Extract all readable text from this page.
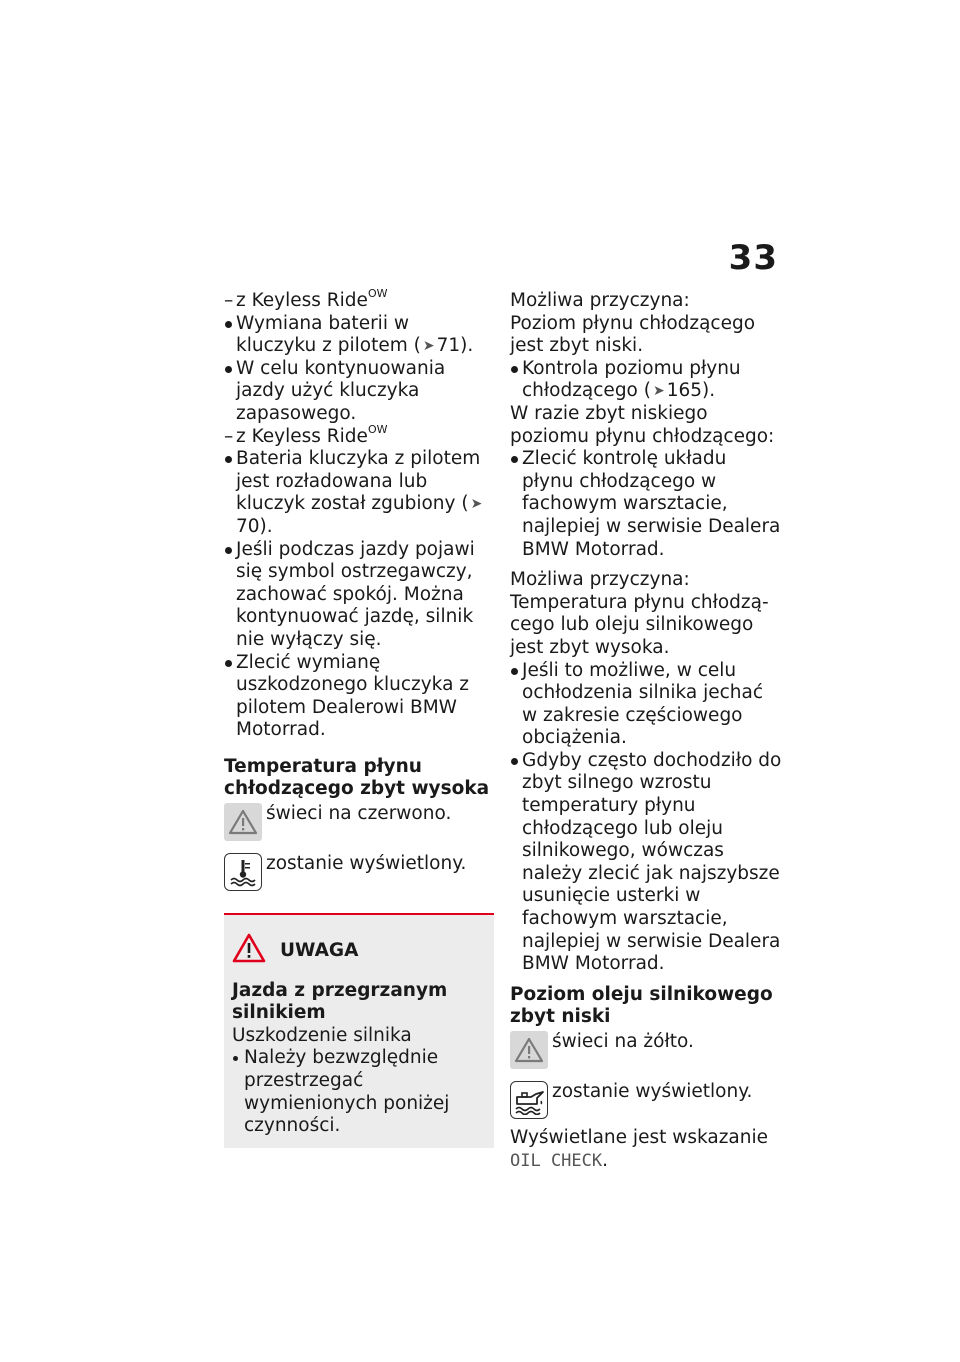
33

– z Keyless Ride$^{OW}$

Wymiana baterii w kluczyku z pilotem ( ➤ 71).

W celu kontynuowania jazdy użyć kluczyka zapasowego.

– z Keyless Ride$^{OW}$

Bateria kluczyka z pilotem jest rozładowana lub kluczyk został zgubiony ( ➤70).

Jeśli podczas jazdy pojawi się symbol ostrzegawczy, zachować spokój. Można kontynuować jazdę, silnik nie wyłączy się.

Zlecić wymianę uszkodzonego kluczyka z pilotem Dealerowi BMW Motorrad.

Temperatura płynu chłodzącego zbyt wysoka
świeci na czerwono.
zostanie wyświetlony.
UWAGA

Jazda z przegrzanym silnikiem

Uszkodzenie silnika

Należy bezwzględnie przestrzegać wymienionych poniżej czynności.

Możliwa przyczyna:

Poziom płynu chłodzącego jest zbyt niski.

Kontrola poziomu płynu chłodzącego ( ➤ 165).

W razie zbyt niskiego poziomu płynu chłodzącego:

Zlecić kontrolę układu płynu chłodzącego w fachowym warsztacie, najlepiej w serwisie Dealera BMW Motorrad.

Możliwa przyczyna:

Temperatura płynu chłodzącego lub oleju silnikowego jest zbyt wysoka.

Jeśli to możliwe, w celu ochłodzenia silnika jechać w zakresie częściowego obciążenia.

Gdyby często dochodziło do zbyt silnego wzrostu temperatury płynu chłodzącego lub oleju silnikowego, wówczas należy zlecić jak najszybsze usunięcie usterki w fachowym warsztacie, najlepiej w serwisie Dealera BMW Motorrad.

Poziom oleju silnikowego zbyt niski
świeci na żółto.
zostanie wyświetlony.

Wyświetlane jest wskazanie

OIL CHECK.
